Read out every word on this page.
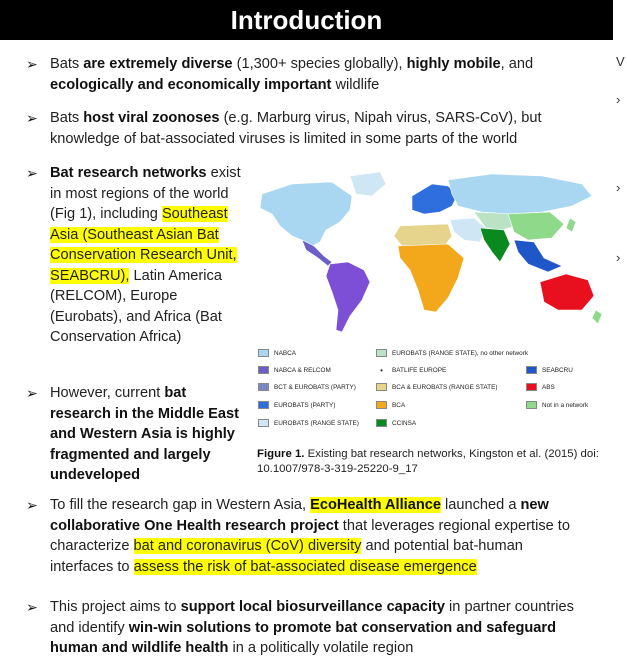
Introduction
V
›
›
›
➢ Bats are extremely diverse (1,300+ species globally), highly mobile, and ecologically and economically important wildlife
➢ Bats host viral zoonoses (e.g. Marburg virus, Nipah virus, SARS-CoV), but knowledge of bat-associated viruses is limited in some parts of the world
➢ Bat research networks exist in most regions of the world (Fig 1), including Southeast Asia (Southeast Asian Bat Conservation Research Unit, SEABCRU), Latin America (RELCOM), Europe (Eurobats), and Africa (Bat Conservation Africa)
➢ However, current bat research in the Middle East and Western Asia is highly fragmented and largely undeveloped
NABCA
NABCA & RELCOM
BCT & EUROBATS (PARTY)
EUROBATS (PARTY)
EUROBATS (RANGE STATE)
EUROBATS (RANGE STATE), no other network
•	BATLIFE EUROPE
BCA & EUROBATS (RANGE STATE)
BCA
CCINSA
SEABCRU
ABS
Not in a network
Figure 1. Existing bat research networks, Kingston et al. (2015) doi: 10.1007/978-3-319-25220-9_17
➢ To fill the research gap in Western Asia, EcoHealth Alliance launched a new collaborative One Health research project that leverages regional expertise to characterize bat and coronavirus (CoV) diversity and potential bat-human interfaces to assess the risk of bat-associated disease emergence
➢ This project aims to support local biosurveillance capacity in partner countries and identify win-win solutions to promote bat conservation and safeguard human and wildlife health in a politically volatile region
